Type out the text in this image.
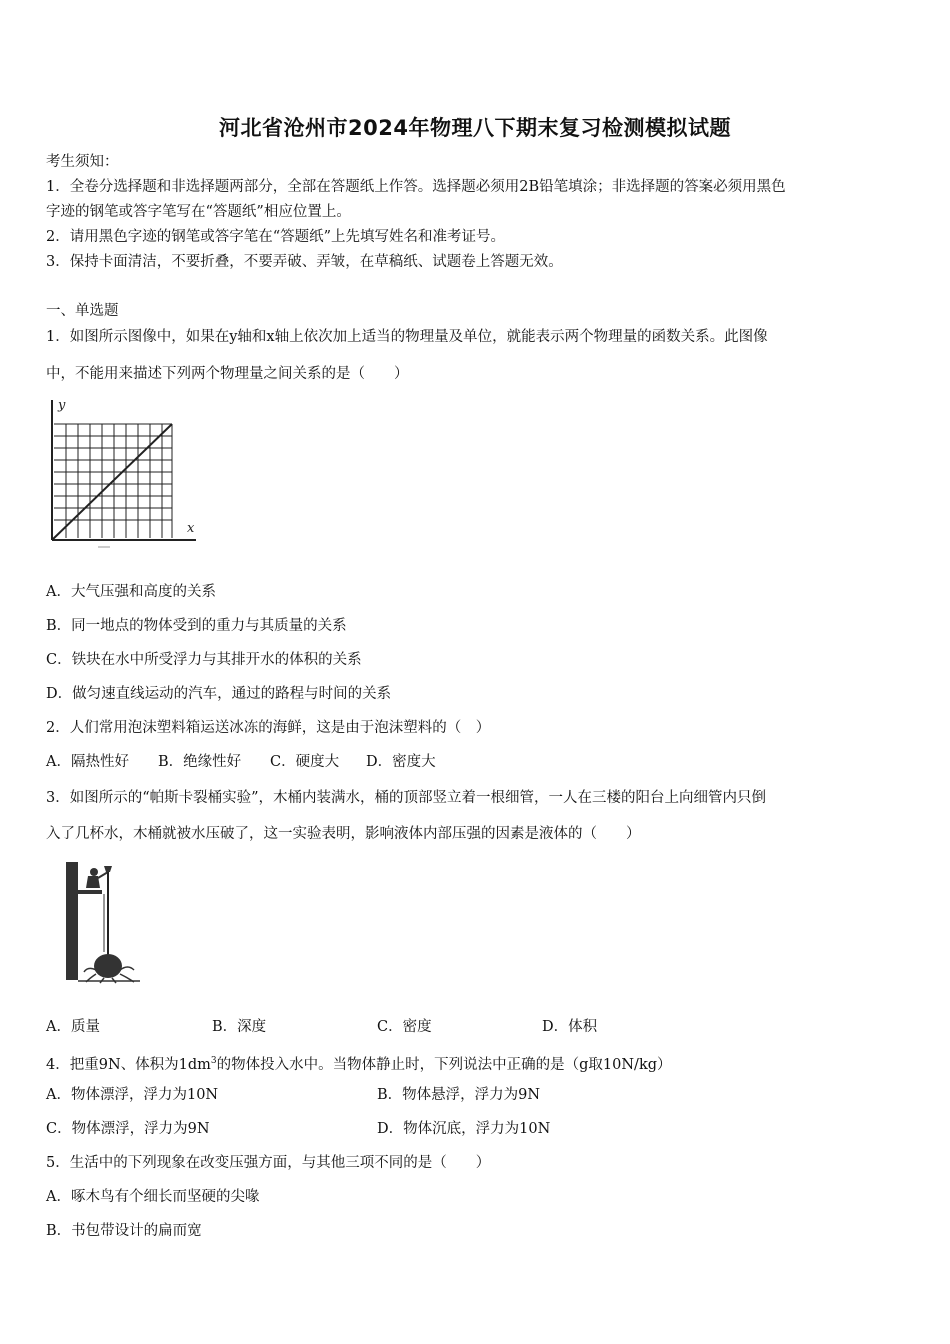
河北省沧州市2024年物理八下期末复习检测模拟试题
考生须知：
1．全卷分选择题和非选择题两部分，全部在答题纸上作答。选择题必须用2B铅笔填涂；非选择题的答案必须用黑色
字迹的钢笔或答字笔写在“答题纸”相应位置上。
2．请用黑色字迹的钢笔或答字笔在“答题纸”上先填写姓名和准考证号。
3．保持卡面清洁，不要折叠，不要弄破、弄皱，在草稿纸、试题卷上答题无效。
一、单选题
1．如图所示图像中，如果在y轴和x轴上依次加上适当的物理量及单位，就能表示两个物理量的函数关系。此图像
中，不能用来描述下列两个物理量之间关系的是（　　）
y
x
A．大气压强和高度的关系
B．同一地点的物体受到的重力与其质量的关系
C．铁块在水中所受浮力与其排开水的体积的关系
D．做匀速直线运动的汽车，通过的路程与时间的关系
2．人们常用泡沫塑料箱运送冰冻的海鲜，这是由于泡沫塑料的（　）
A．隔热性好 B．绝缘性好 C．硬度大 D．密度大
3．如图所示的“帕斯卡裂桶实验”，木桶内装满水，桶的顶部竖立着一根细管，一人在三楼的阳台上向细管内只倒
入了几杯水，木桶就被水压破了，这一实验表明，影响液体内部压强的因素是液体的（　　）
A．质量	B．深度	C．密度	D．体积
4．把重9N、体积为$1dm^3$的物体投入水中。当物体静止时，下列说法中正确的是（g取10N/kg）
A．物体漂浮，浮力为10N	B．物体悬浮，浮力为9N
C．物体漂浮，浮力为9N	D．物体沉底，浮力为10N
5．生活中的下列现象在改变压强方面，与其他三项不同的是（　　）
A．啄木鸟有个细长而坚硬的尖喙
B．书包带设计的扁而宽
